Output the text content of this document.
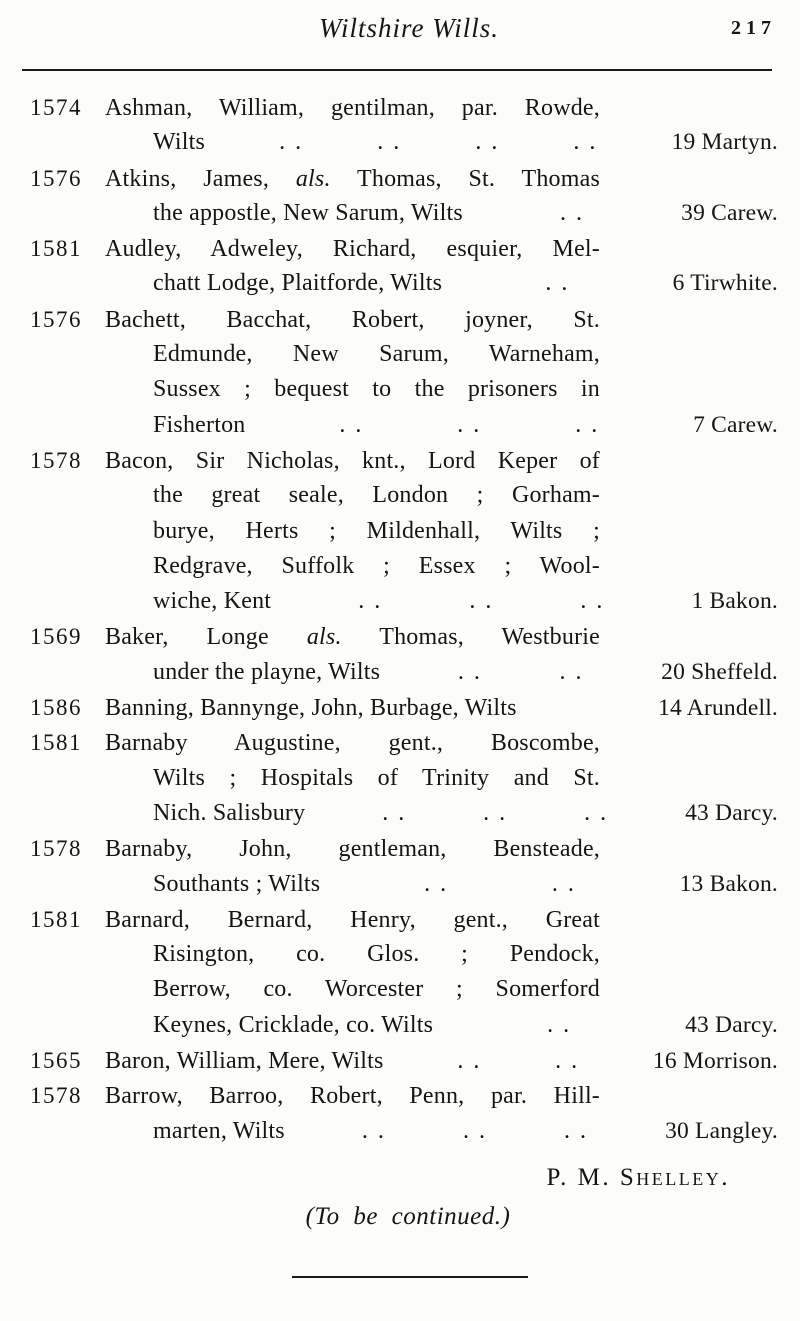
Wiltshire Wills.	217
1574 Ashman, William, gentilman, par. Rowde,
Wilts	. .	. .	. .	. .	19 Martyn.
1576 Atkins, James, als. Thomas, St. Thomas
the appostle, New Sarum, Wilts	. .	39 Carew.
1581 Audley, Adweley, Richard, esquier, Mel-
chatt Lodge, Plaitforde, Wilts	. .	6 Tirwhite.
1576 Bachett, Bacchat, Robert, joyner, St.
Edmunde, New Sarum, Warneham,
Sussex ; bequest to the prisoners in
Fisherton	. .	. .	. .	7 Carew.
1578 Bacon, Sir Nicholas, knt., Lord Keper of
the great seale, London ; Gorham-
burye, Herts ; Mildenhall, Wilts ;
Redgrave, Suffolk ; Essex ; Wool-
wiche, Kent	. .	. .	. .	1 Bakon.
1569 Baker, Longe als. Thomas, Westburie
under the playne, Wilts	. .	. .	20 Sheffeld.
1586 Banning, Bannynge, John, Burbage, Wilts	14 Arundell.
1581 Barnaby Augustine, gent., Boscombe,
Wilts ; Hospitals of Trinity and St.
Nich. Salisbury	. .	. .	. .	43 Darcy.
1578 Barnaby, John, gentleman, Bensteade,
Southants ; Wilts	. .	. .	13 Bakon.
1581 Barnard, Bernard, Henry, gent., Great
Risington, co. Glos. ; Pendock,
Berrow, co. Worcester ; Somerford
Keynes, Cricklade, co. Wilts	. .	43 Darcy.
1565 Baron, William, Mere, Wilts	. .	. .	16 Morrison.
1578 Barrow, Barroo, Robert, Penn, par. Hill-
marten, Wilts	. .	. .	. .	30 Langley.
P. M. Shelley.
(To be continued.)
